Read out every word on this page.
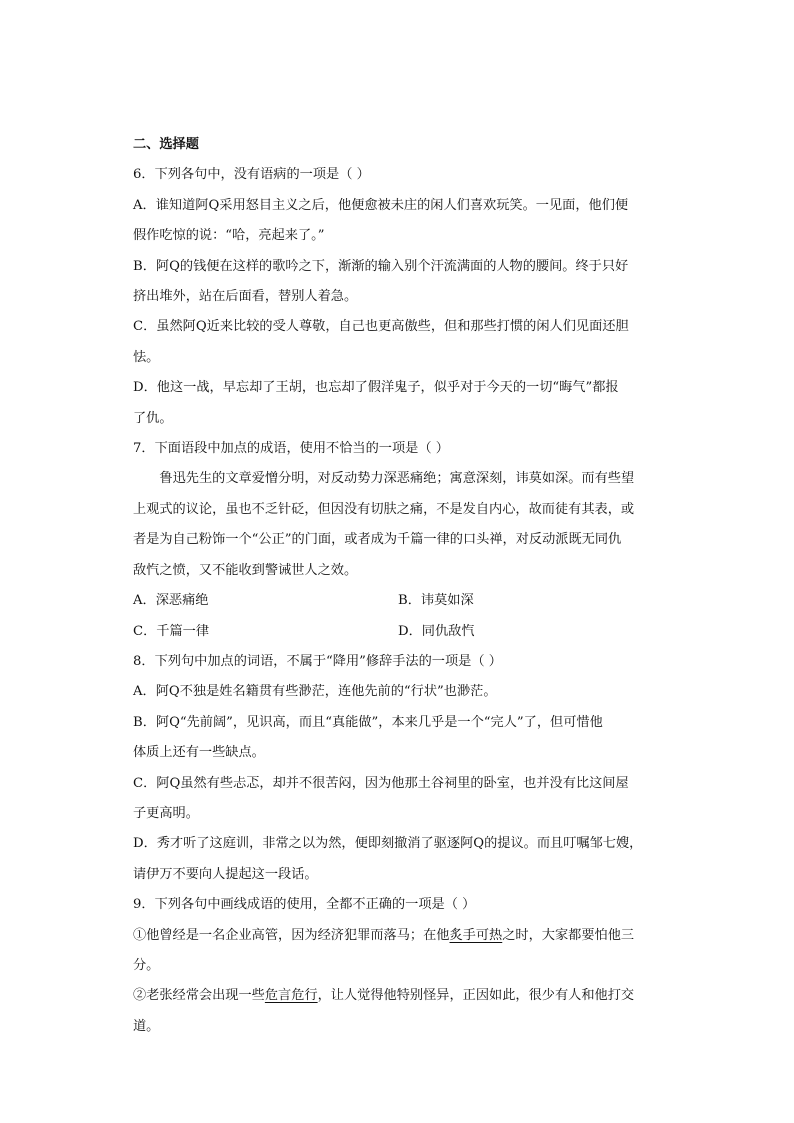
二、选择题
6．下列各句中，没有语病的一项是（ ）
A．谁知道阿Q采用怒目主义之后，他便愈被未庄的闲人们喜欢玩笑。一见面，他们便
假作吃惊的说：“哈，亮起来了。”
B．阿Q的钱便在这样的歌吟之下，渐渐的输入别个汗流满面的人物的腰间。终于只好
挤出堆外，站在后面看，替别人着急。
C．虽然阿Q近来比较的受人尊敬，自己也更高傲些，但和那些打惯的闲人们见面还胆
怯。
D．他这一战，早忘却了王胡，也忘却了假洋鬼子，似乎对于今天的一切“晦气”都报
了仇。
7．下面语段中加点的成语，使用不恰当的一项是（ ）
鲁迅先生的文章爱憎分明，对反动势力深恶痛绝；寓意深刻，讳莫如深。而有些望
上观式的议论，虽也不乏针砭，但因没有切肤之痛，不是发自内心，故而徒有其表，或
者是为自己粉饰一个“公正”的门面，或者成为千篇一律的口头禅，对反动派既无同仇
敌忾之愤，又不能收到警诫世人之效。
A．深恶痛绝	B．讳莫如深
C．千篇一律	D．同仇敌忾
8．下列句中加点的词语，不属于“降用”修辞手法的一项是（ ）
A．阿Q不独是姓名籍贯有些渺茫，连他先前的“行状”也渺茫。
B．阿Q“先前阔”，见识高，而且“真能做”，本来几乎是一个“完人”了，但可惜他
体质上还有一些缺点。
C．阿Q虽然有些忐忑，却并不很苦闷，因为他那土谷祠里的卧室，也并没有比这间屋
子更高明。
D．秀才听了这庭训，非常之以为然，便即刻撤消了驱逐阿Q的提议。而且叮嘱邹七嫂，
请伊万不要向人提起这一段话。
9．下列各句中画线成语的使用，全都不正确的一项是（ ）
①他曾经是一名企业高管，因为经济犯罪而落马；在他炙手可热之时，大家都要怕他三
分。
②老张经常会出现一些危言危行，让人觉得他特别怪异，正因如此，很少有人和他打交
道。
